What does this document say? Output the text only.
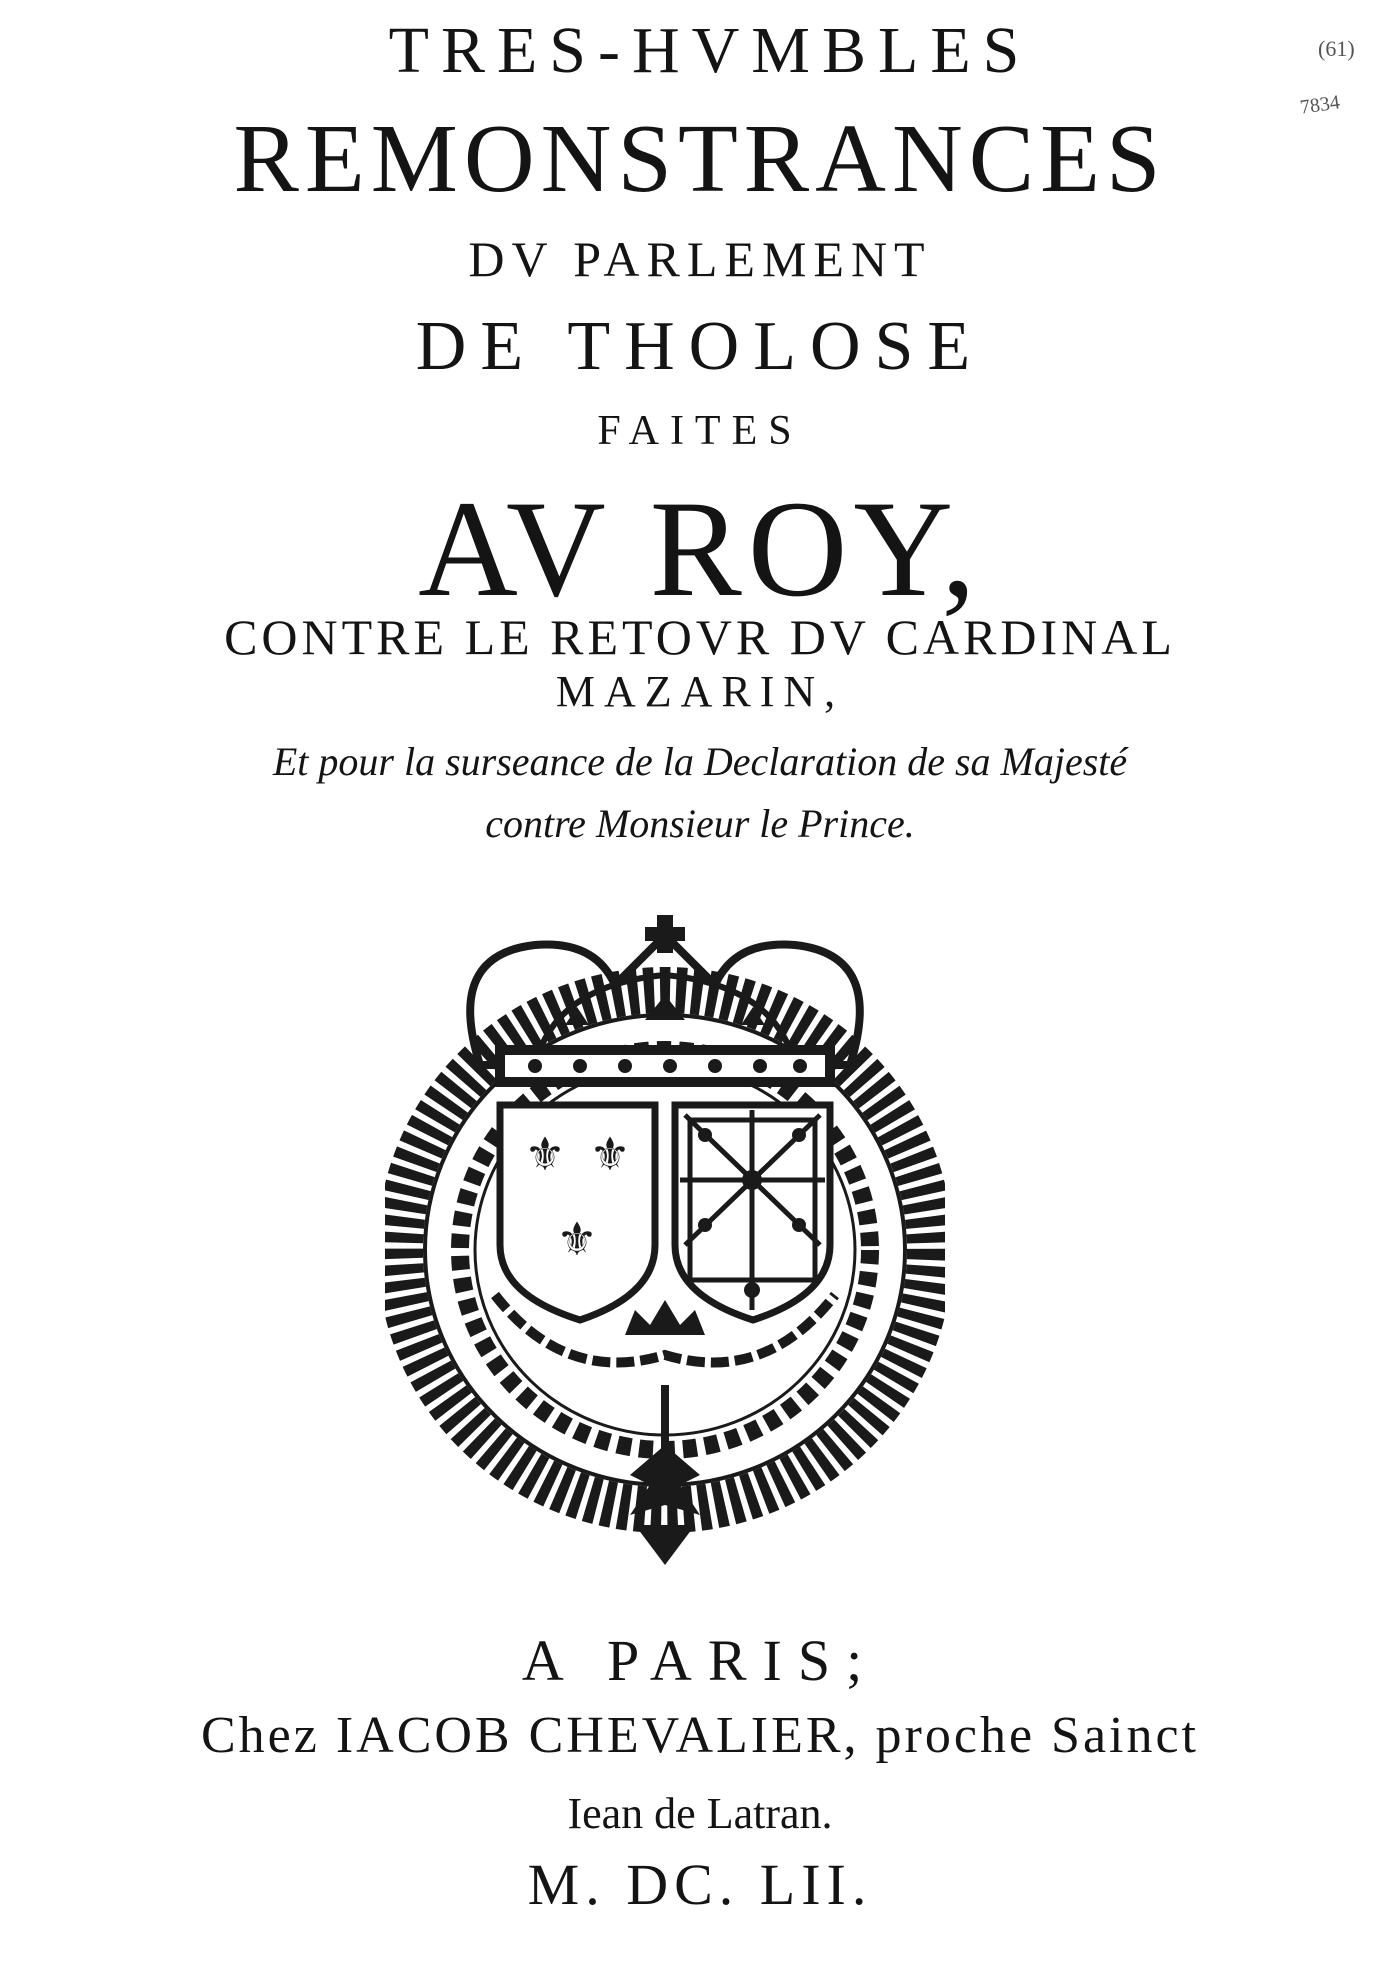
TRES-HVMBLES
REMONSTRANCES
DV PARLEMENT
DE THOLOSE
FAITES
AV ROY,
CONTRE LE RETOVR DV CARDINAL
MAZARIN,
Et pour la surseance de la Declaration de sa Majesté
contre Monsieur le Prince.
(61)
7834
⚜ ⚜
⚜
A PARIS;
Chez IACOB CHEVALIER, proche Sainct
Iean de Latran.
M. DC. LII.
